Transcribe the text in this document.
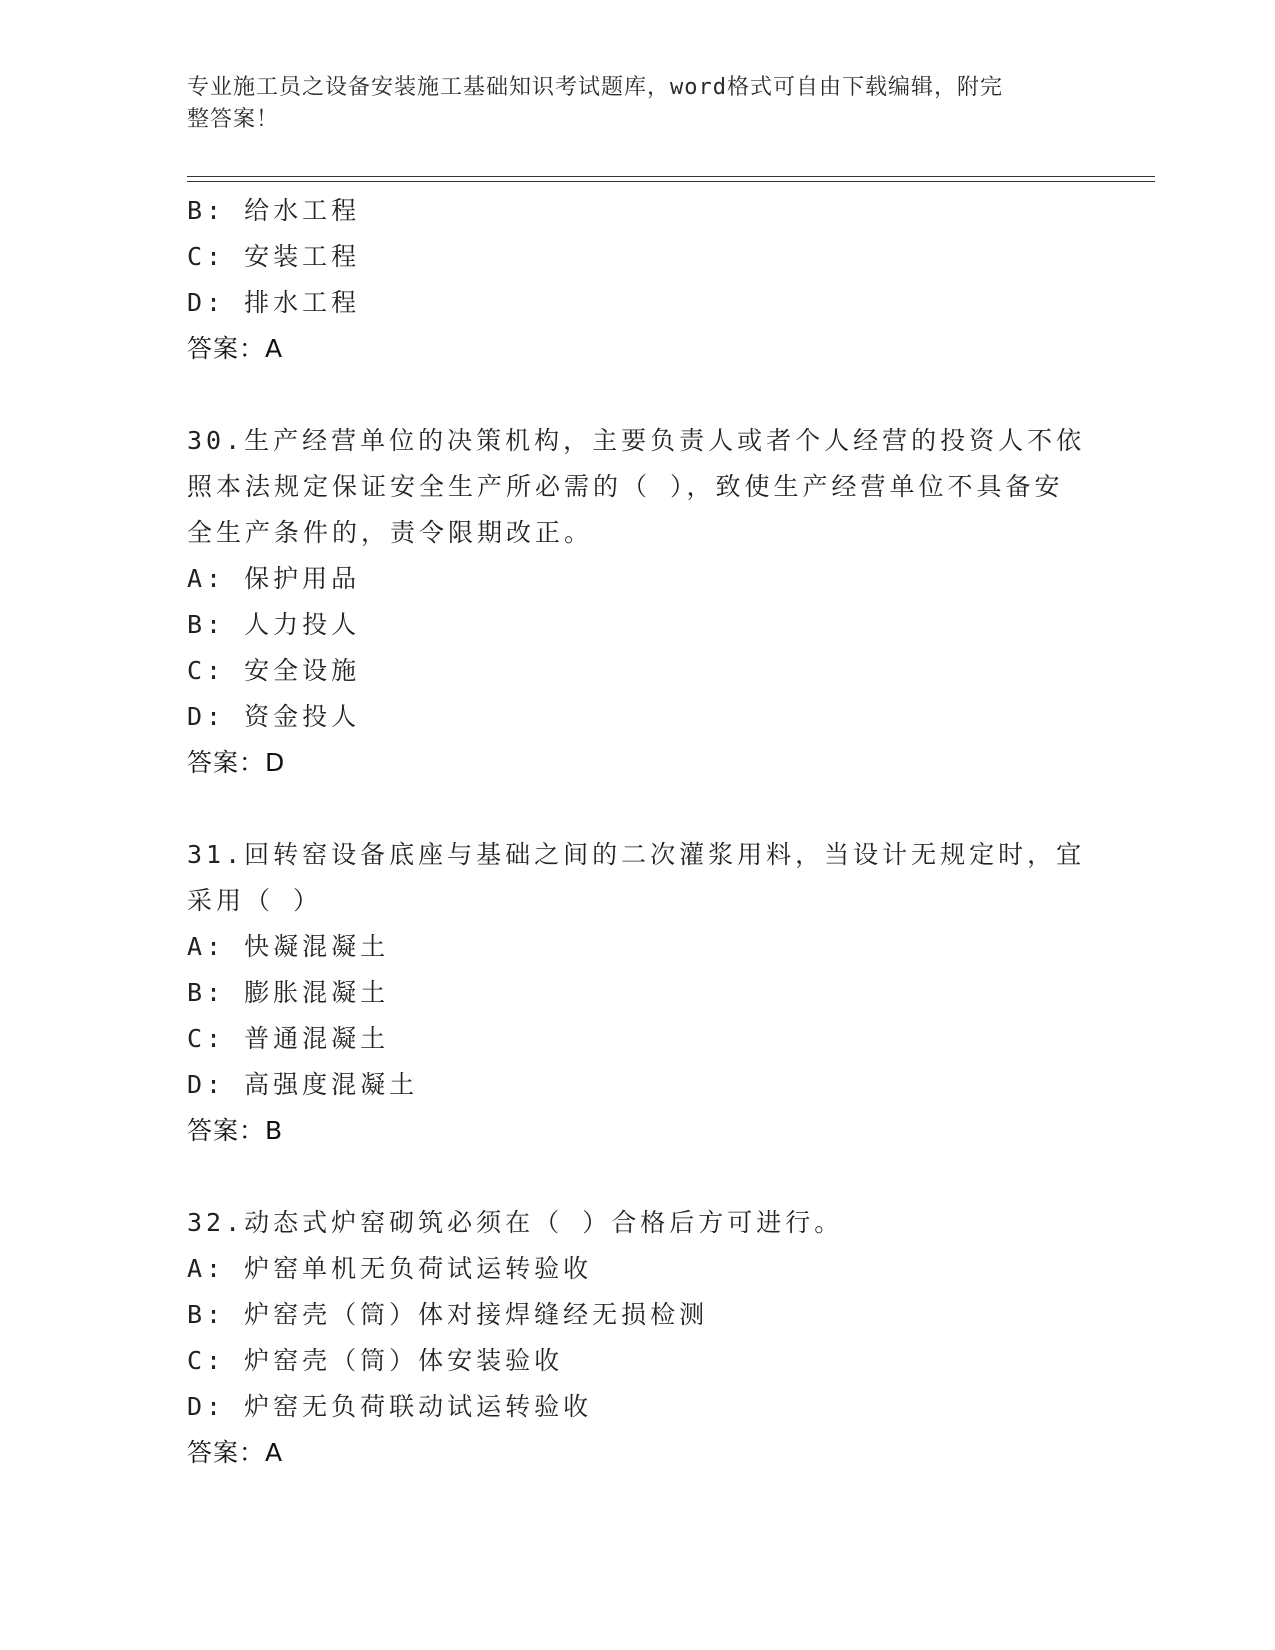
专业施工员之设备安装施工基础知识考试题库，word格式可自由下载编辑，附完
整答案！
B: 给水工程
C: 安装工程
D: 排水工程
答案：A
30.生产经营单位的决策机构，主要负责人或者个人经营的投资人不依
照本法规定保证安全生产所必需的（ ），致使生产经营单位不具备安
全生产条件的，责令限期改正。
A: 保护用品
B: 人力投人
C: 安全设施
D: 资金投人
答案：D
31.回转窑设备底座与基础之间的二次灌浆用料，当设计无规定时，宜
采用（ ）
A: 快凝混凝土
B: 膨胀混凝土
C: 普通混凝土
D: 高强度混凝土
答案：B
32.动态式炉窑砌筑必须在（ ）合格后方可进行。
A: 炉窑单机无负荷试运转验收
B: 炉窑壳（筒）体对接焊缝经无损检测
C: 炉窑壳（筒）体安装验收
D: 炉窑无负荷联动试运转验收
答案：A
